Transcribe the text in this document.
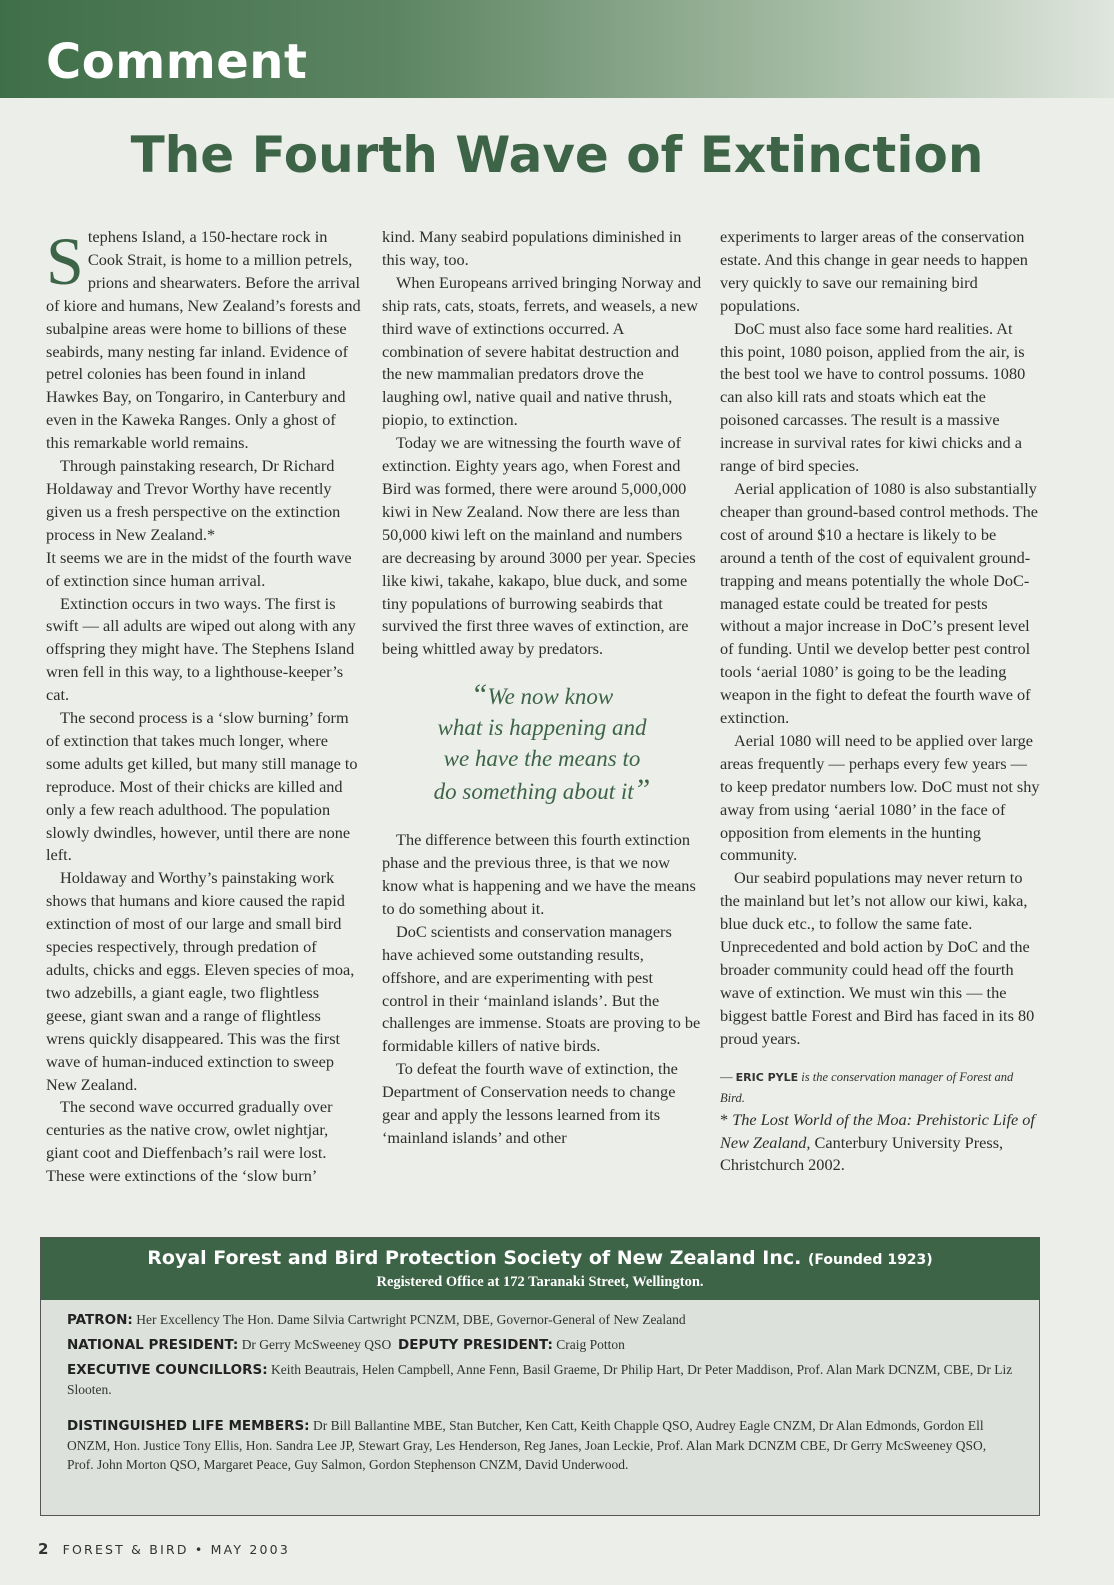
Comment
The Fourth Wave of Extinction

Stephens Island, a 150-hectare rock in Cook Strait, is home to a million petrels, prions and shearwaters. Before the arrival of kiore and humans, New Zealand’s forests and subalpine areas were home to billions of these seabirds, many nesting far inland. Evidence of petrel colonies has been found in inland Hawkes Bay, on Tongariro, in Canterbury and even in the Kaweka Ranges. Only a ghost of this remarkable world remains.

Through painstaking research, Dr Richard Holdaway and Trevor Worthy have recently given us a fresh perspective on the extinction process in New Zealand.*

It seems we are in the midst of the fourth wave of extinction since human arrival.

Extinction occurs in two ways. The first is swift — all adults are wiped out along with any offspring they might have. The Stephens Island wren fell in this way, to a lighthouse-keeper’s cat.

The second process is a ‘slow burning’ form of extinction that takes much longer, where some adults get killed, but many still manage to reproduce. Most of their chicks are killed and only a few reach adulthood. The population slowly dwindles, however, until there are none left.

Holdaway and Worthy’s painstaking work shows that humans and kiore caused the rapid extinction of most of our large and small bird species respectively, through predation of adults, chicks and eggs. Eleven species of moa, two adzebills, a giant eagle, two flightless geese, giant swan and a range of flightless wrens quickly disappeared. This was the first wave of human-induced extinction to sweep New Zealand.

The second wave occurred gradually over centuries as the native crow, owlet nightjar, giant coot and Dieffenbach’s rail were lost. These were extinctions of the ‘slow burn’

kind. Many seabird populations diminished in this way, too.

When Europeans arrived bringing Norway and ship rats, cats, stoats, ferrets, and weasels, a new third wave of extinctions occurred. A combination of severe habitat destruction and the new mammalian predators drove the laughing owl, native quail and native thrush, piopio, to extinction.

Today we are witnessing the fourth wave of extinction. Eighty years ago, when Forest and Bird was formed, there were around 5,000,000 kiwi in New Zealand. Now there are less than 50,000 kiwi left on the mainland and numbers are decreasing by around 3000 per year. Species like kiwi, takahe, kakapo, blue duck, and some tiny populations of burrowing seabirds that survived the first three waves of extinction, are being whittled away by predators.

“We now know
what is happening and
we have the means to
do something about it”

The difference between this fourth extinction phase and the previous three, is that we now know what is happening and we have the means to do something about it.

DoC scientists and conservation managers have achieved some outstanding results, offshore, and are experimenting with pest control in their ‘mainland islands’. But the challenges are immense. Stoats are proving to be formidable killers of native birds.

To defeat the fourth wave of extinction, the Department of Conservation needs to change gear and apply the lessons learned from its ‘mainland islands’ and other

experiments to larger areas of the conservation estate. And this change in gear needs to happen very quickly to save our remaining bird populations.

DoC must also face some hard realities. At this point, 1080 poison, applied from the air, is the best tool we have to control possums. 1080 can also kill rats and stoats which eat the poisoned carcasses. The result is a massive increase in survival rates for kiwi chicks and a range of bird species.

Aerial application of 1080 is also substantially cheaper than ground-based control methods. The cost of around $10 a hectare is likely to be around a tenth of the cost of equivalent ground-trapping and means potentially the whole DoC-managed estate could be treated for pests without a major increase in DoC’s present level of funding. Until we develop better pest control tools ‘aerial 1080’ is going to be the leading weapon in the fight to defeat the fourth wave of extinction.

Aerial 1080 will need to be applied over large areas frequently — perhaps every few years — to keep predator numbers low. DoC must not shy away from using ‘aerial 1080’ in the face of opposition from elements in the hunting community.

Our seabird populations may never return to the mainland but let’s not allow our kiwi, kaka, blue duck etc., to follow the same fate. Unprecedented and bold action by DoC and the broader community could head off the fourth wave of extinction. We must win this — the biggest battle Forest and Bird has faced in its 80 proud years.

— ERIC PYLE is the conservation manager of Forest and Bird.

* The Lost World of the Moa: Prehistoric Life of New Zealand, Canterbury University Press, Christchurch 2002.

Royal Forest and Bird Protection Society of New Zealand Inc. (Founded 1923)
Registered Office at 172 Taranaki Street, Wellington.
PATRON: Her Excellency The Hon. Dame Silvia Cartwright PCNZM, DBE, Governor-General of New Zealand
NATIONAL PRESIDENT: Dr Gerry McSweeney QSO DEPUTY PRESIDENT: Craig Potton
EXECUTIVE COUNCILLORS: Keith Beautrais, Helen Campbell, Anne Fenn, Basil Graeme, Dr Philip Hart, Dr Peter Maddison, Prof. Alan Mark DCNZM, CBE, Dr Liz Slooten.
DISTINGUISHED LIFE MEMBERS: Dr Bill Ballantine MBE, Stan Butcher, Ken Catt, Keith Chapple QSO, Audrey Eagle CNZM, Dr Alan Edmonds, Gordon Ell ONZM, Hon. Justice Tony Ellis, Hon. Sandra Lee JP, Stewart Gray, Les Henderson, Reg Janes, Joan Leckie, Prof. Alan Mark DCNZM CBE, Dr Gerry McSweeney QSO, Prof. John Morton QSO, Margaret Peace, Guy Salmon, Gordon Stephenson CNZM, David Underwood.
2 FOREST & BIRD • MAY 2003
